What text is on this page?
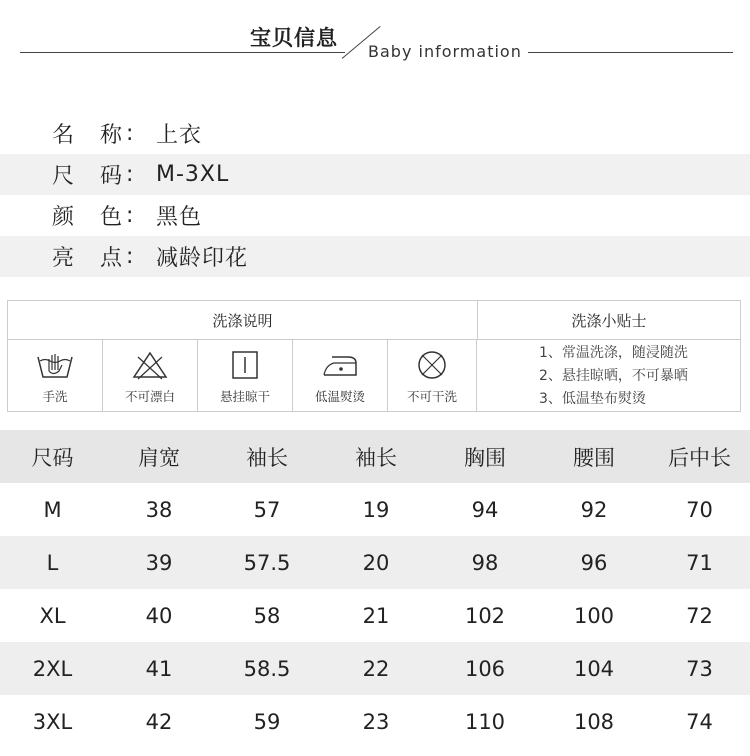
宝贝信息
Baby information
名	称 :	上衣
尺	码 :	M-3XL
颜	色 :	黑色
亮	点 :	减龄印花
洗涤说明	洗涤小贴士
手洗	不可漂白	悬挂晾干	低温熨烫	不可干洗
1、常温洗涤，随浸随洗
2、悬挂晾晒，不可暴晒
3、低温垫布熨烫
尺码	肩宽	袖长	袖长	胸围	腰围	后中长
M	38	57	19	94	92	70
L	39	57.5	20	98	96	71
XL	40	58	21	102	100	72
2XL	41	58.5	22	106	104	73
3XL	42	59	23	110	108	74
